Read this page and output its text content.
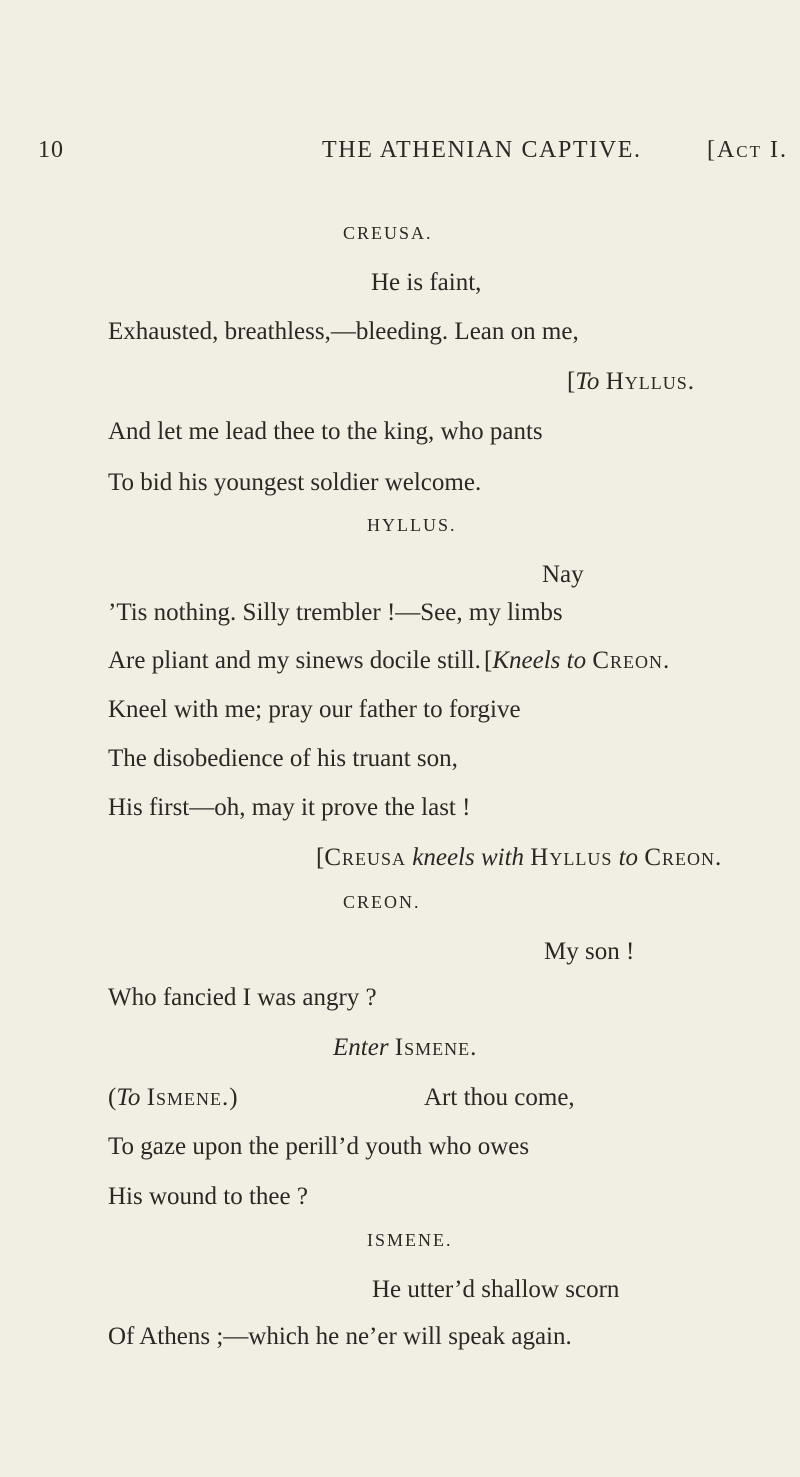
10	THE ATHENIAN CAPTIVE.	[Act I.
CREUSA.
He is faint,
Exhausted, breathless,—bleeding. Lean on me,
[To Hyllus.
And let me lead thee to the king, who pants
To bid his youngest soldier welcome.
HYLLUS.
Nay
’Tis nothing. Silly trembler !—See, my limbs
Are pliant and my sinews docile still. [Kneels to Creon.
Kneel with me; pray our father to forgive
The disobedience of his truant son,
His first—oh, may it prove the last !
[Creusa kneels with Hyllus to Creon.
CREON.
My son !
Who fancied I was angry ?
Enter Ismene.
(To Ismene.)	Art thou come,
To gaze upon the perill’d youth who owes
His wound to thee ?
ISMENE.
He utter’d shallow scorn
Of Athens ;—which he ne’er will speak again.
